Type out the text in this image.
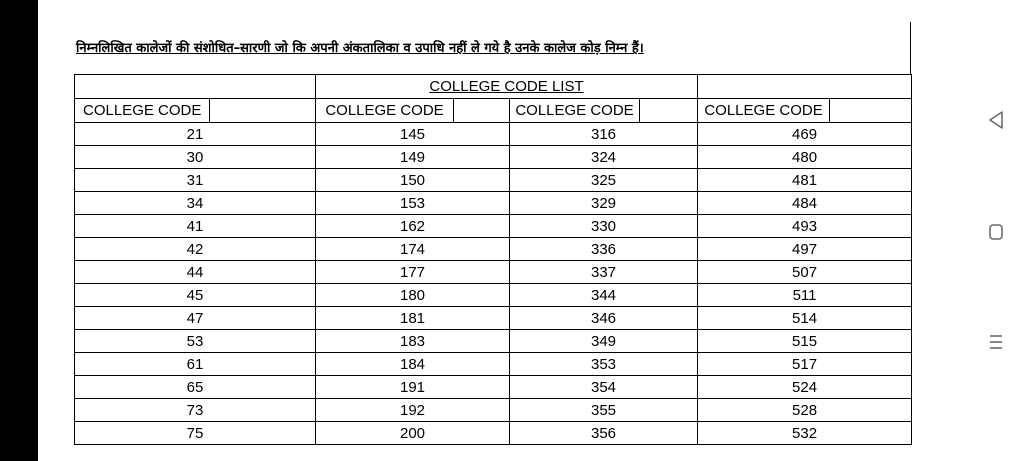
निम्नलिखित कालेजों की संशोधित–सारणी जो कि अपनी अंकतालिका व उपाधि नहीं ले गये है उनके कालेज कोड़ निम्न हैं।
		COLLEGE CODE LIST					
COLLEGE CODE		COLLEGE CODE		COLLEGE CODE		COLLEGE CODE	
21		145		316		469	
30		149		324		480	
31		150		325		481	
34		153		329		484	
41		162		330		493	
42		174		336		497	
44		177		337		507	
45		180		344		511	
47		181		346		514	
53		183		349		515	
61		184		353		517	
65		191		354		524	
73		192		355		528	
75		200		356		532	
